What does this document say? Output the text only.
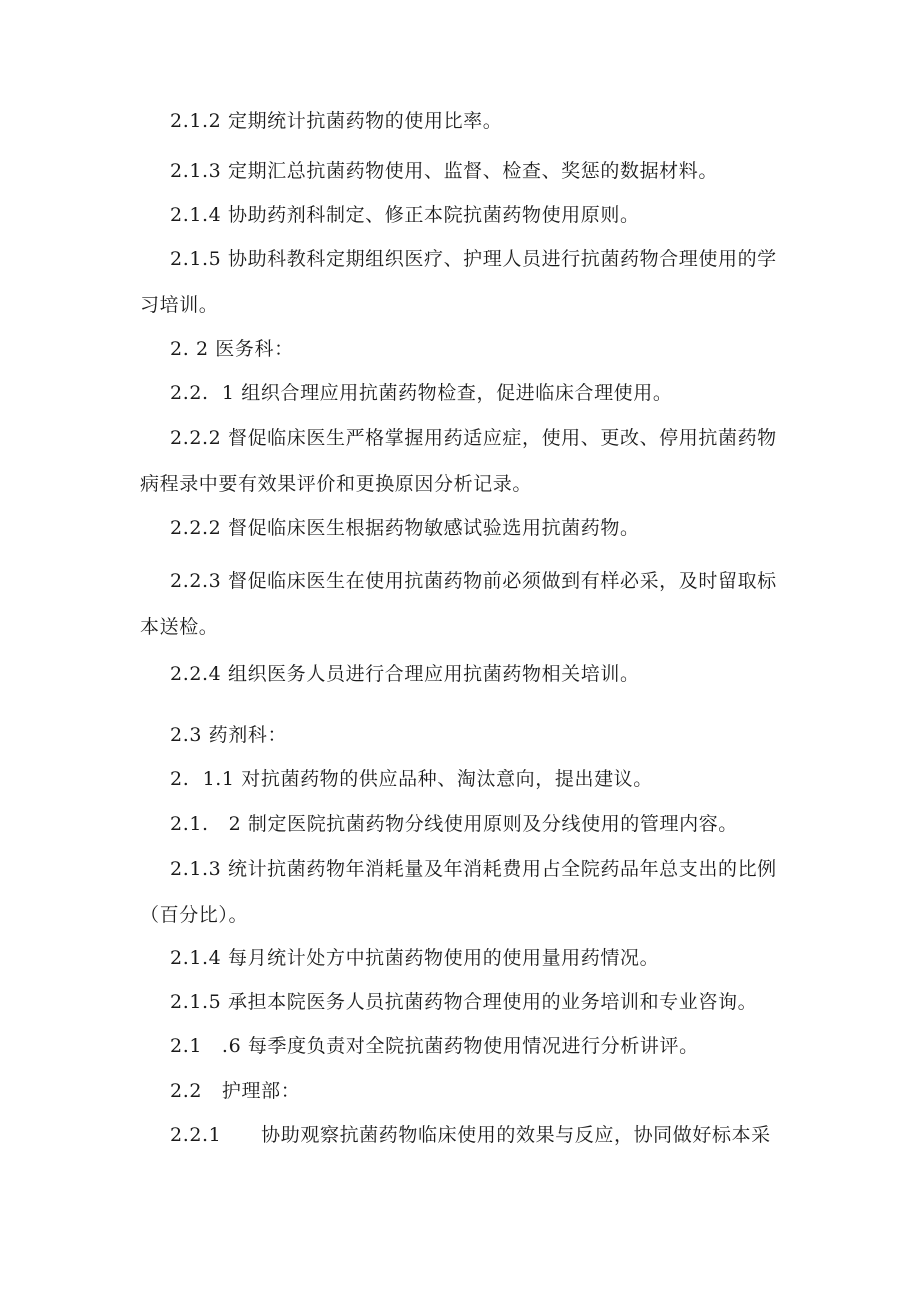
2.1.2 定期统计抗菌药物的使用比率。
2.1.3 定期汇总抗菌药物使用、监督、检查、奖惩的数据材料。
2.1.4 协助药剂科制定、修正本院抗菌药物使用原则。
2.1.5 协助科教科定期组织医疗、护理人员进行抗菌药物合理使用的学习培训。
2. 2 医务科：
2.2.  1 组织合理应用抗菌药物检查，促进临床合理使用。
2.2.2 督促临床医生严格掌握用药适应症，使用、更改、停用抗菌药物病程录中要有效果评价和更换原因分析记录。
2.2.2 督促临床医生根据药物敏感试验选用抗菌药物。
2.2.3 督促临床医生在使用抗菌药物前必须做到有样必采，及时留取标本送检。
2.2.4 组织医务人员进行合理应用抗菌药物相关培训。
2.3 药剂科：
2.  1.1 对抗菌药物的供应品种、淘汰意向，提出建议。
2.1.   2 制定医院抗菌药物分线使用原则及分线使用的管理内容。
2.1.3 统计抗菌药物年消耗量及年消耗费用占全院药品年总支出的比例（百分比）。
2.1.4 每月统计处方中抗菌药物使用的使用量用药情况。
2.1.5 承担本院医务人员抗菌药物合理使用的业务培训和专业咨询。
2.1   .6 每季度负责对全院抗菌药物使用情况进行分析讲评。
2.2   护理部：
2.2.1      协助观察抗菌药物临床使用的效果与反应，协同做好标本采
